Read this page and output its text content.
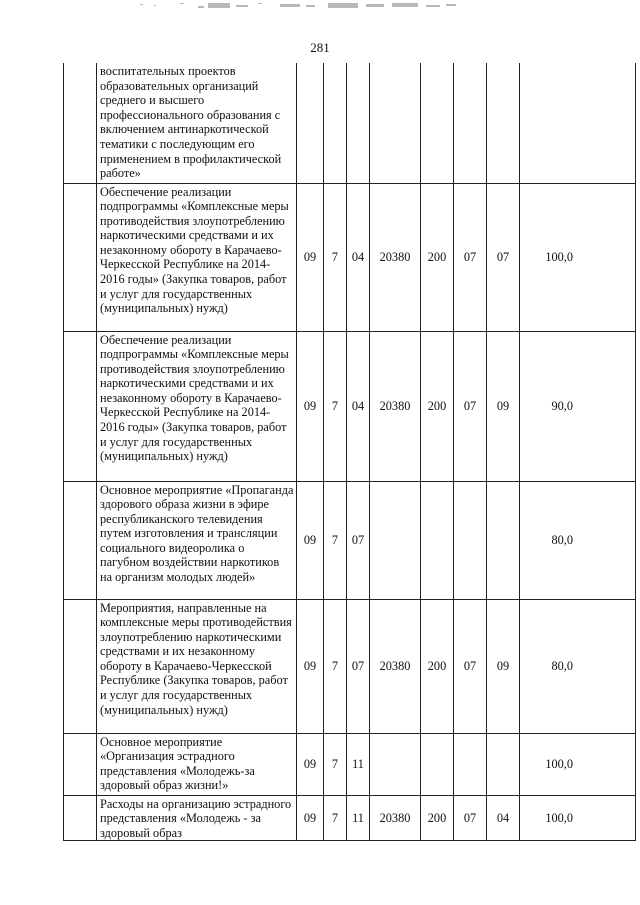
281
	воспитательных проектов образовательных организаций среднего и высшего профессионального образования с включением антинаркотической тематики с последующим его применением в профилактической работе»								
	Обеспечение реализации подпрограммы «Комплексные меры противодействия злоупотреблению наркотическими средствами и их незаконному обороту в Карачаево-Черкесской Республике на 2014-2016 годы» (Закупка товаров, работ и услуг для государственных (муниципальных) нужд)	09	7	04	20380	200	07	07	100,0
	Обеспечение реализации подпрограммы «Комплексные меры противодействия злоупотреблению наркотическими средствами и их незаконному обороту в Карачаево-Черкесской Республике на 2014-2016 годы» (Закупка товаров, работ и услуг для государственных (муниципальных) нужд)	09	7	04	20380	200	07	09	90,0
	Основное мероприятие «Пропаганда здорового образа жизни в эфире республиканского телевидения путем изготовления и трансляции социального видеоролика о пагубном воздействии наркотиков на организм молодых людей»	09	7	07					80,0
	Мероприятия, направленные на комплексные меры противодействия злоупотреблению наркотическими средствами и их незаконному обороту в Карачаево-Черкесской Республике (Закупка товаров, работ и услуг для государственных (муниципальных) нужд)	09	7	07	20380	200	07	09	80,0
	Основное мероприятие «Организация эстрадного представления «Молодежь-за здоровый образ жизни!»	09	7	11					100,0
	Расходы на организацию эстрадного представления «Молодежь - за здоровый образ	09	7	11	20380	200	07	04	100,0
